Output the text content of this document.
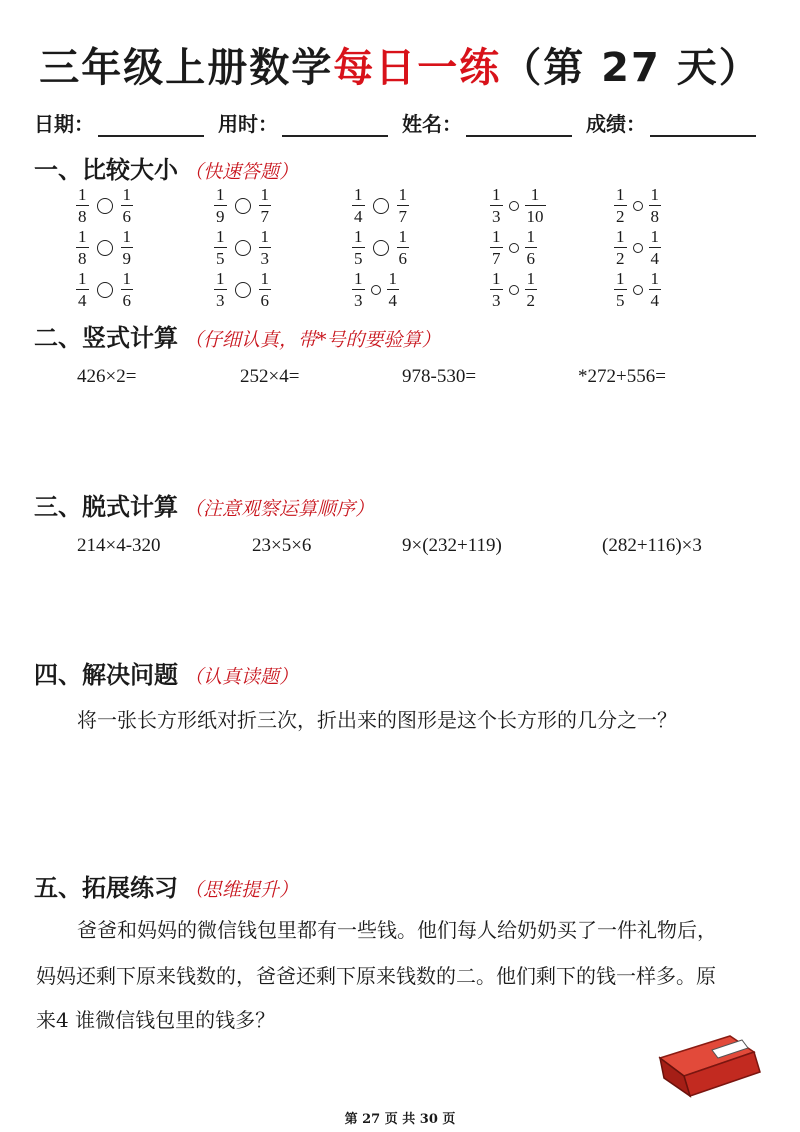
三年级上册数学每日一练（第 27 天）
日期：	用时：	姓名：	成绩：
一、比较大小 （快速答题）
二、竖式计算 （仔细认真，带*号的要验算）
三、脱式计算 （注意观察运算顺序）
四、解决问题 （认真读题）
五、拓展练习 （思维提升）
$\frac{1}{8} \frac{1}{6}$	$\frac{1}{9} \frac{1}{7}$	$\frac{1}{4} \frac{1}{7}$	$\frac{1}{3} \frac{1}{10}$	$\frac{1}{2} \frac{1}{8}$
$\frac{1}{8} \frac{1}{9}$	$\frac{1}{5} \frac{1}{3}$	$\frac{1}{5} \frac{1}{6}$	$\frac{1}{7} \frac{1}{6}$	$\frac{1}{2} \frac{1}{4}$
$\frac{1}{4} \frac{1}{6}$	$\frac{1}{3} \frac{1}{6}$	$\frac{1}{3} \frac{1}{4}$	$\frac{1}{3} \frac{1}{2}$	$\frac{1}{5} \frac{1}{4}$
426×2=	252×4=	978-530=	*272+556=
214×4-320	23×5×6	9×(232+119)	(282+116)×3
将一张长方形纸对折三次，折出来的图形是这个长方形的几分之一？
爸爸和妈妈的微信钱包里都有一些钱。他们每人给奶奶买了一件礼物后，
妈妈还剩下原来钱数的，爸爸还剩下原来钱数的二。他们剩下的钱一样多。原
来4 谁微信钱包里的钱多？
第 27 页 共 30 页
